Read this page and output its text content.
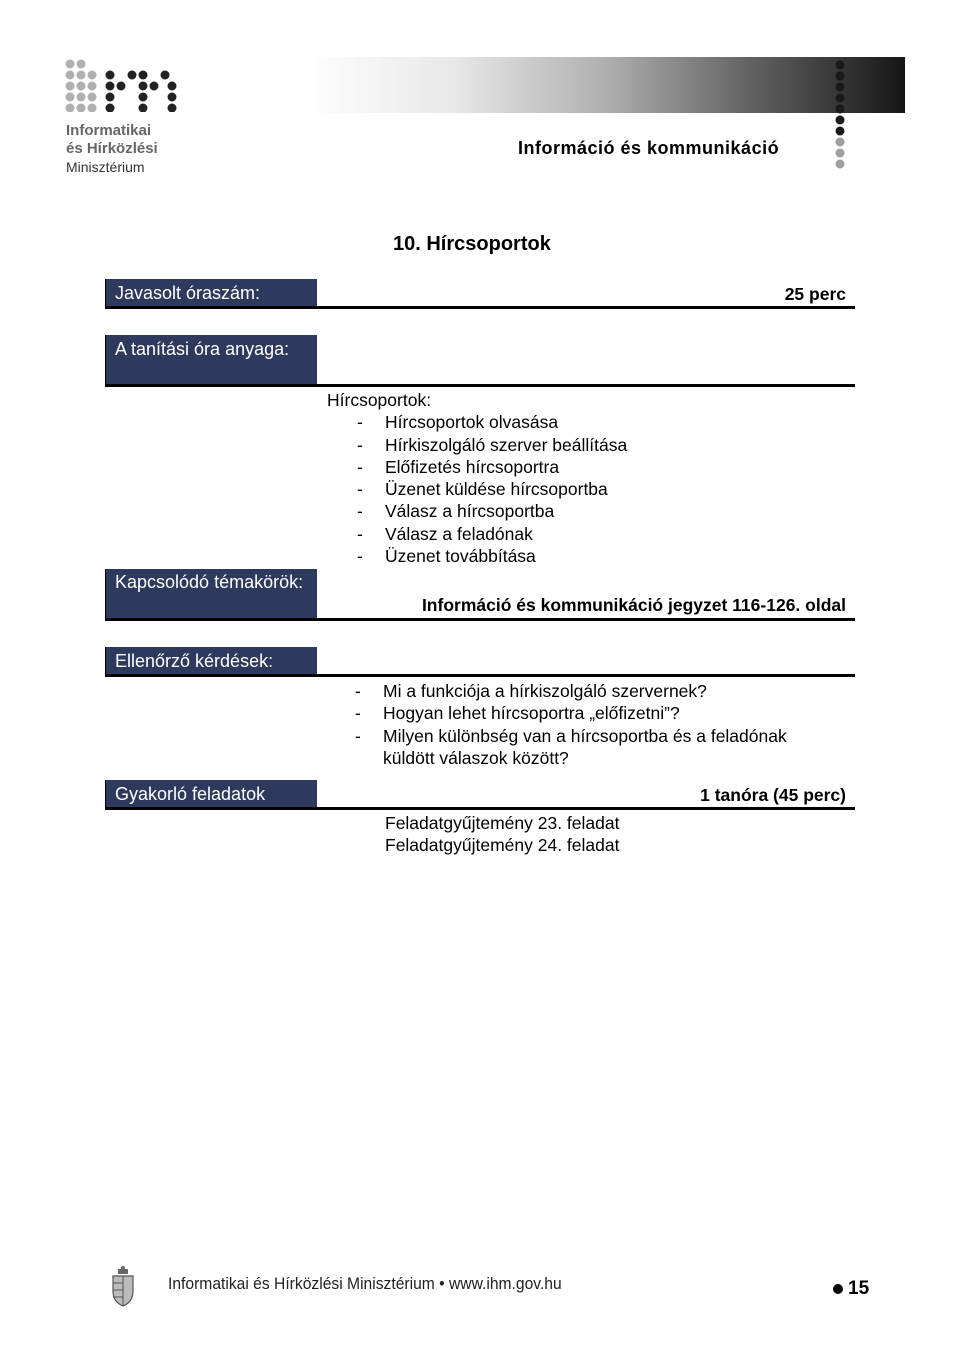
Informatikai
és Hírközlési
Minisztérium
Információ és kommunikáció
10. Hírcsoportok
Javasolt óraszám:	25 perc
A tanítási óra anyaga:
Hírcsoportok:
- Hírcsoportok olvasása
- Hírkiszolgáló szerver beállítása
- Előfizetés hírcsoportra
- Üzenet küldése hírcsoportba
- Válasz a hírcsoportba
- Válasz a feladónak
- Üzenet továbbítása
Kapcsolódó témakörök:
Információ és kommunikáció jegyzet 116-126. oldal
Ellenőrző kérdések:
- Mi a funkciója a hírkiszolgáló szervernek?
- Hogyan lehet hírcsoportra „előfizetni”?
- Milyen különbség van a hírcsoportba és a feladónak küldött válaszok között?
Gyakorló feladatok	1 tanóra (45 perc)
Feladatgyűjtemény 23. feladat
Feladatgyűjtemény 24. feladat
Informatikai és Hírközlési Minisztérium • www.ihm.gov.hu	15
